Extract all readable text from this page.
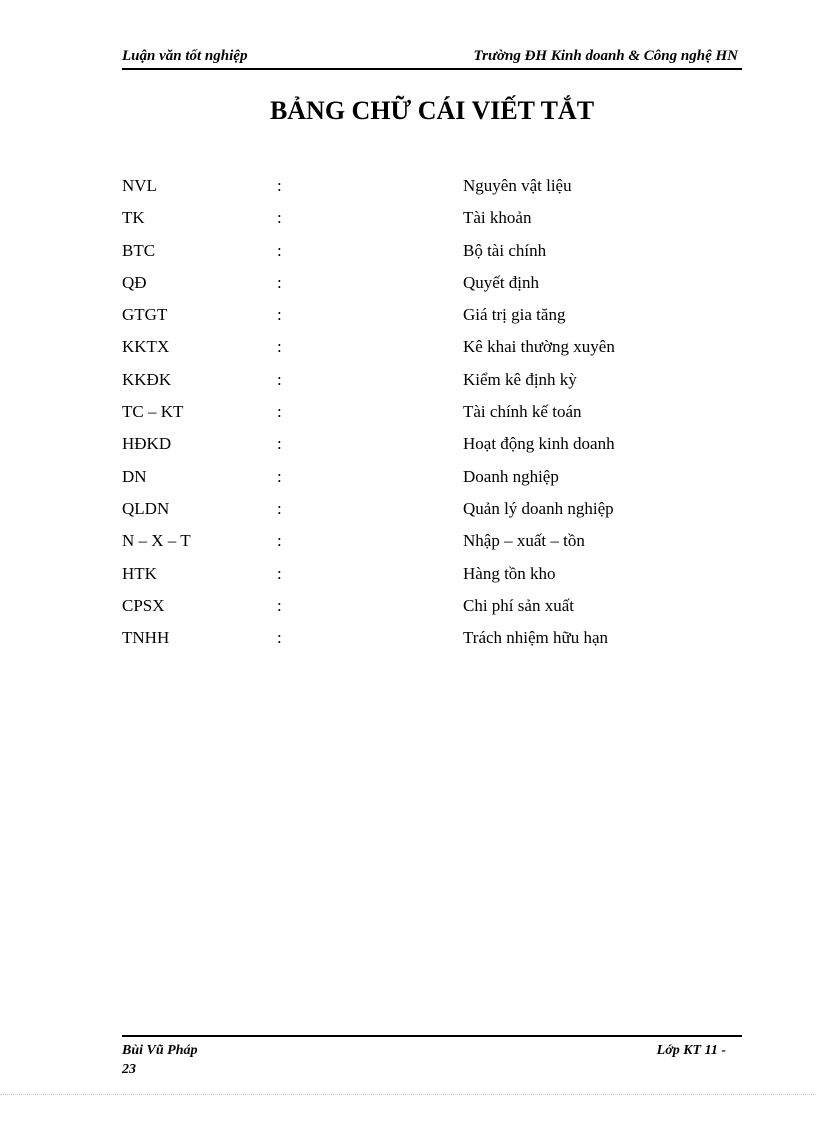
Luận văn tốt nghiệp	Trường ĐH Kinh doanh & Công nghệ HN
BẢNG CHỮ CÁI VIẾT TẮT
NVL	:	Nguyên vật liệu
TK	:	Tài khoản
BTC	:	Bộ tài chính
QĐ	:	Quyết định
GTGT	:	Giá trị gia tăng
KKTX	:	Kê khai thường xuyên
KKĐK	:	Kiểm kê định kỳ
TC – KT	:	Tài chính kế toán
HĐKD	:	Hoạt động kinh doanh
DN	:	Doanh nghiệp
QLDN	:	Quản lý doanh nghiệp
N – X – T	:	Nhập – xuất – tồn
HTK	:	Hàng tồn kho
CPSX	:	Chi phí sản xuất
TNHH	:	Trách nhiệm hữu hạn
Bùi Vũ Pháp	Lớp KT 11 -
23
